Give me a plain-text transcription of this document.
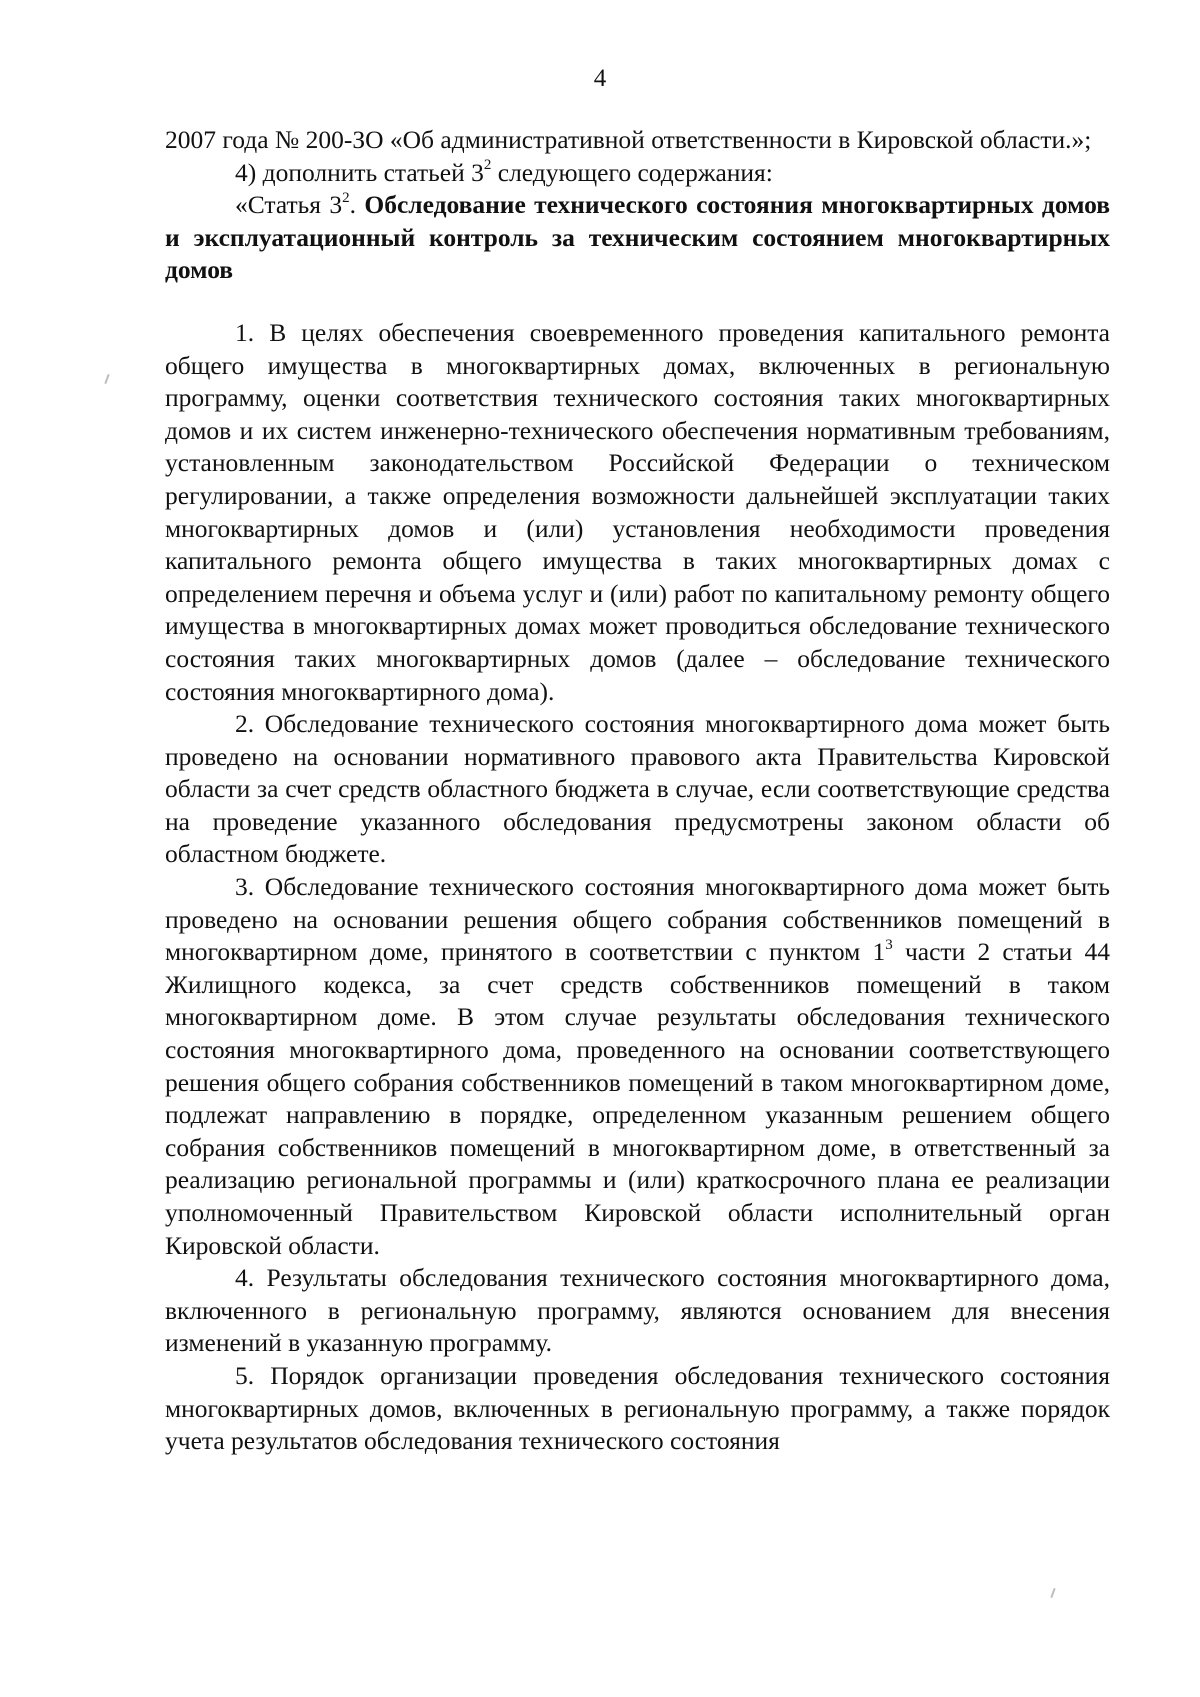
4

2007 года № 200-ЗО «Об административной ответственности в Кировской области.»;

4) дополнить статьей $3^2$ следующего содержания:

«Статья $3^2$. Обследование технического состояния многоквартирных домов и эксплуатационный контроль за техническим состоянием многоквартирных домов

1. В целях обеспечения своевременного проведения капитального ремонта общего имущества в многоквартирных домах, включенных в региональную программу, оценки соответствия технического состояния таких многоквартирных домов и их систем инженерно-технического обеспечения нормативным требованиям, установленным законодательством Российской Федерации о техническом регулировании, а также определения возможности дальнейшей эксплуатации таких многоквартирных домов и (или) установления необходимости проведения капитального ремонта общего имущества в таких многоквартирных домах с определением перечня и объема услуг и (или) работ по капитальному ремонту общего имущества в многоквартирных домах может проводиться обследование технического состояния таких многоквартирных домов (далее – обследование технического состояния многоквартирного дома).

2. Обследование технического состояния многоквартирного дома может быть проведено на основании нормативного правового акта Правительства Кировской области за счет средств областного бюджета в случае, если соответствующие средства на проведение указанного обследования предусмотрены законом области об областном бюджете.

3. Обследование технического состояния многоквартирного дома может быть проведено на основании решения общего собрания собственников помещений в многоквартирном доме, принятого в соответствии с пунктом $1^3$ части 2 статьи 44 Жилищного кодекса, за счет средств собственников помещений в таком многоквартирном доме. В этом случае результаты обследования технического состояния многоквартирного дома, проведенного на основании соответствующего решения общего собрания собственников помещений в таком многоквартирном доме, подлежат направлению в порядке, определенном указанным решением общего собрания собственников помещений в многоквартирном доме, в ответственный за реализацию региональной программы и (или) краткосрочного плана ее реализации уполномоченный Правительством Кировской области исполнительный орган Кировской области.

4. Результаты обследования технического состояния многоквартирного дома, включенного в региональную программу, являются основанием для внесения изменений в указанную программу.

5. Порядок организации проведения обследования технического состояния многоквартирных домов, включенных в региональную программу, а также порядок учета результатов обследования технического состояния
